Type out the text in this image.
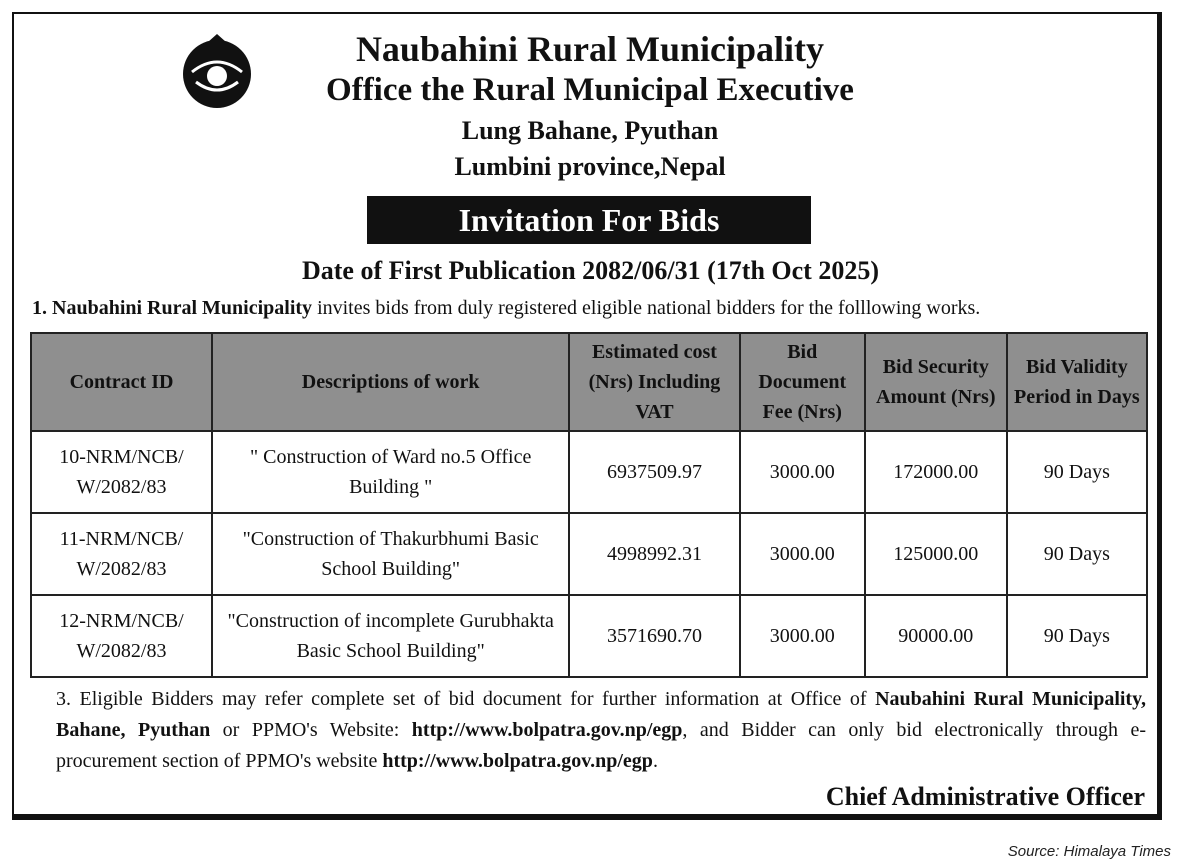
Naubahini Rural Municipality
Office the Rural Municipal Executive
Lung Bahane, Pyuthan
Lumbini province,Nepal
Invitation For Bids
Date of First Publication 2082/06/31 (17th Oct 2025)
1. Naubahini Rural Municipality invites bids from duly registered eligible national bidders for the folllowing works.
Contract ID	Descriptions of work	Estimated cost (Nrs) Including VAT	Bid Document Fee (Nrs)	Bid Security Amount (Nrs)	Bid Validity Period in Days
10-NRM/NCB/ W/2082/83	" Construction of Ward no.5 Office Building "	6937509.97	3000.00	172000.00	90 Days
11-NRM/NCB/ W/2082/83	"Construction of Thakurbhumi Basic School Building"	4998992.31	3000.00	125000.00	90 Days
12-NRM/NCB/ W/2082/83	"Construction of incomplete Gurubhakta Basic School Building"	3571690.70	3000.00	90000.00	90 Days
3. Eligible Bidders may refer complete set of bid document for further information at Office of Naubahini Rural Municipality, Bahane, Pyuthan or PPMO's Website: http://www.bolpatra.gov.np/egp, and Bidder can only bid electronically through e-procurement section of PPMO's website http://www.bolpatra.gov.np/egp.
Chief Administrative Officer
Source: Himalaya Times
